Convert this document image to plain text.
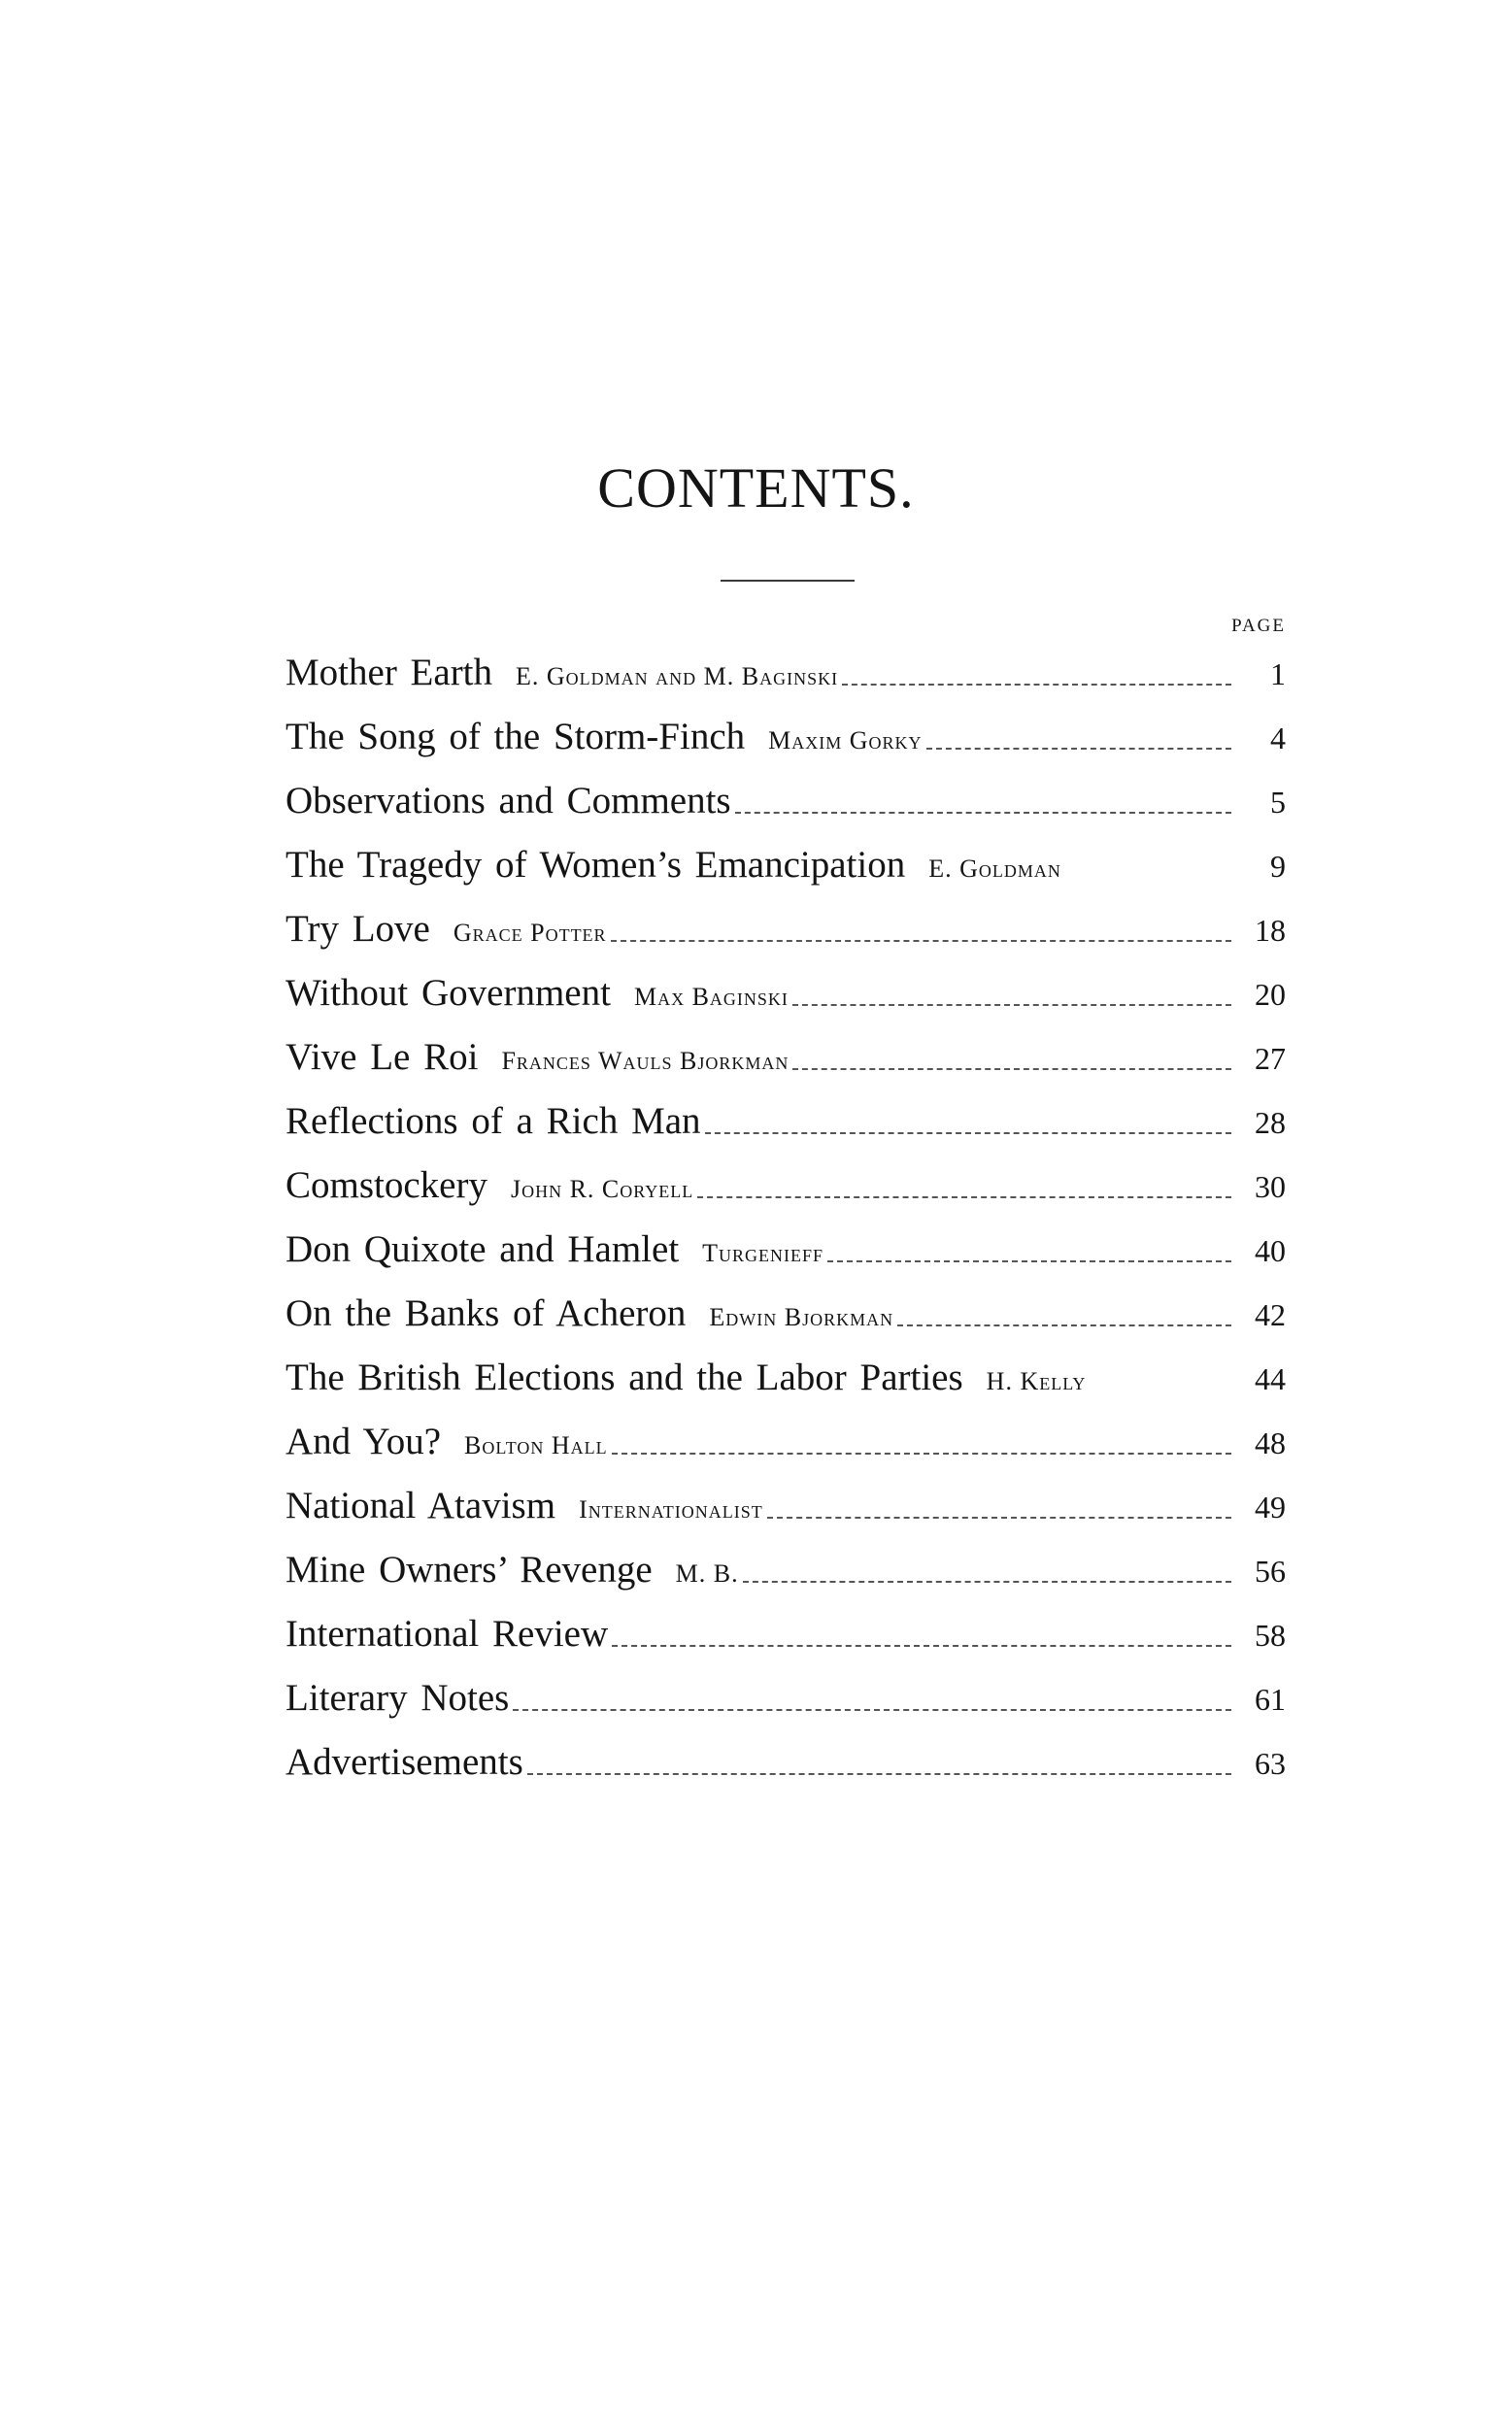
CONTENTS.
PAGE
Mother Earth E. Goldman and M. Baginski	1
The Song of the Storm-Finch Maxim Gorky	4
Observations and Comments	5
The Tragedy of Women’s Emancipation E. Goldman	9
Try Love Grace Potter	18
Without Government Max Baginski	20
Vive Le Roi Frances Wauls Bjorkman	27
Reflections of a Rich Man	28
Comstockery John R. Coryell	30
Don Quixote and Hamlet Turgenieff	40
On the Banks of Acheron Edwin Bjorkman	42
The British Elections and the Labor Parties H. Kelly	44
And You? Bolton Hall	48
National Atavism Internationalist	49
Mine Owners’ Revenge M. B.	56
International Review	58
Literary Notes	61
Advertisements	63
